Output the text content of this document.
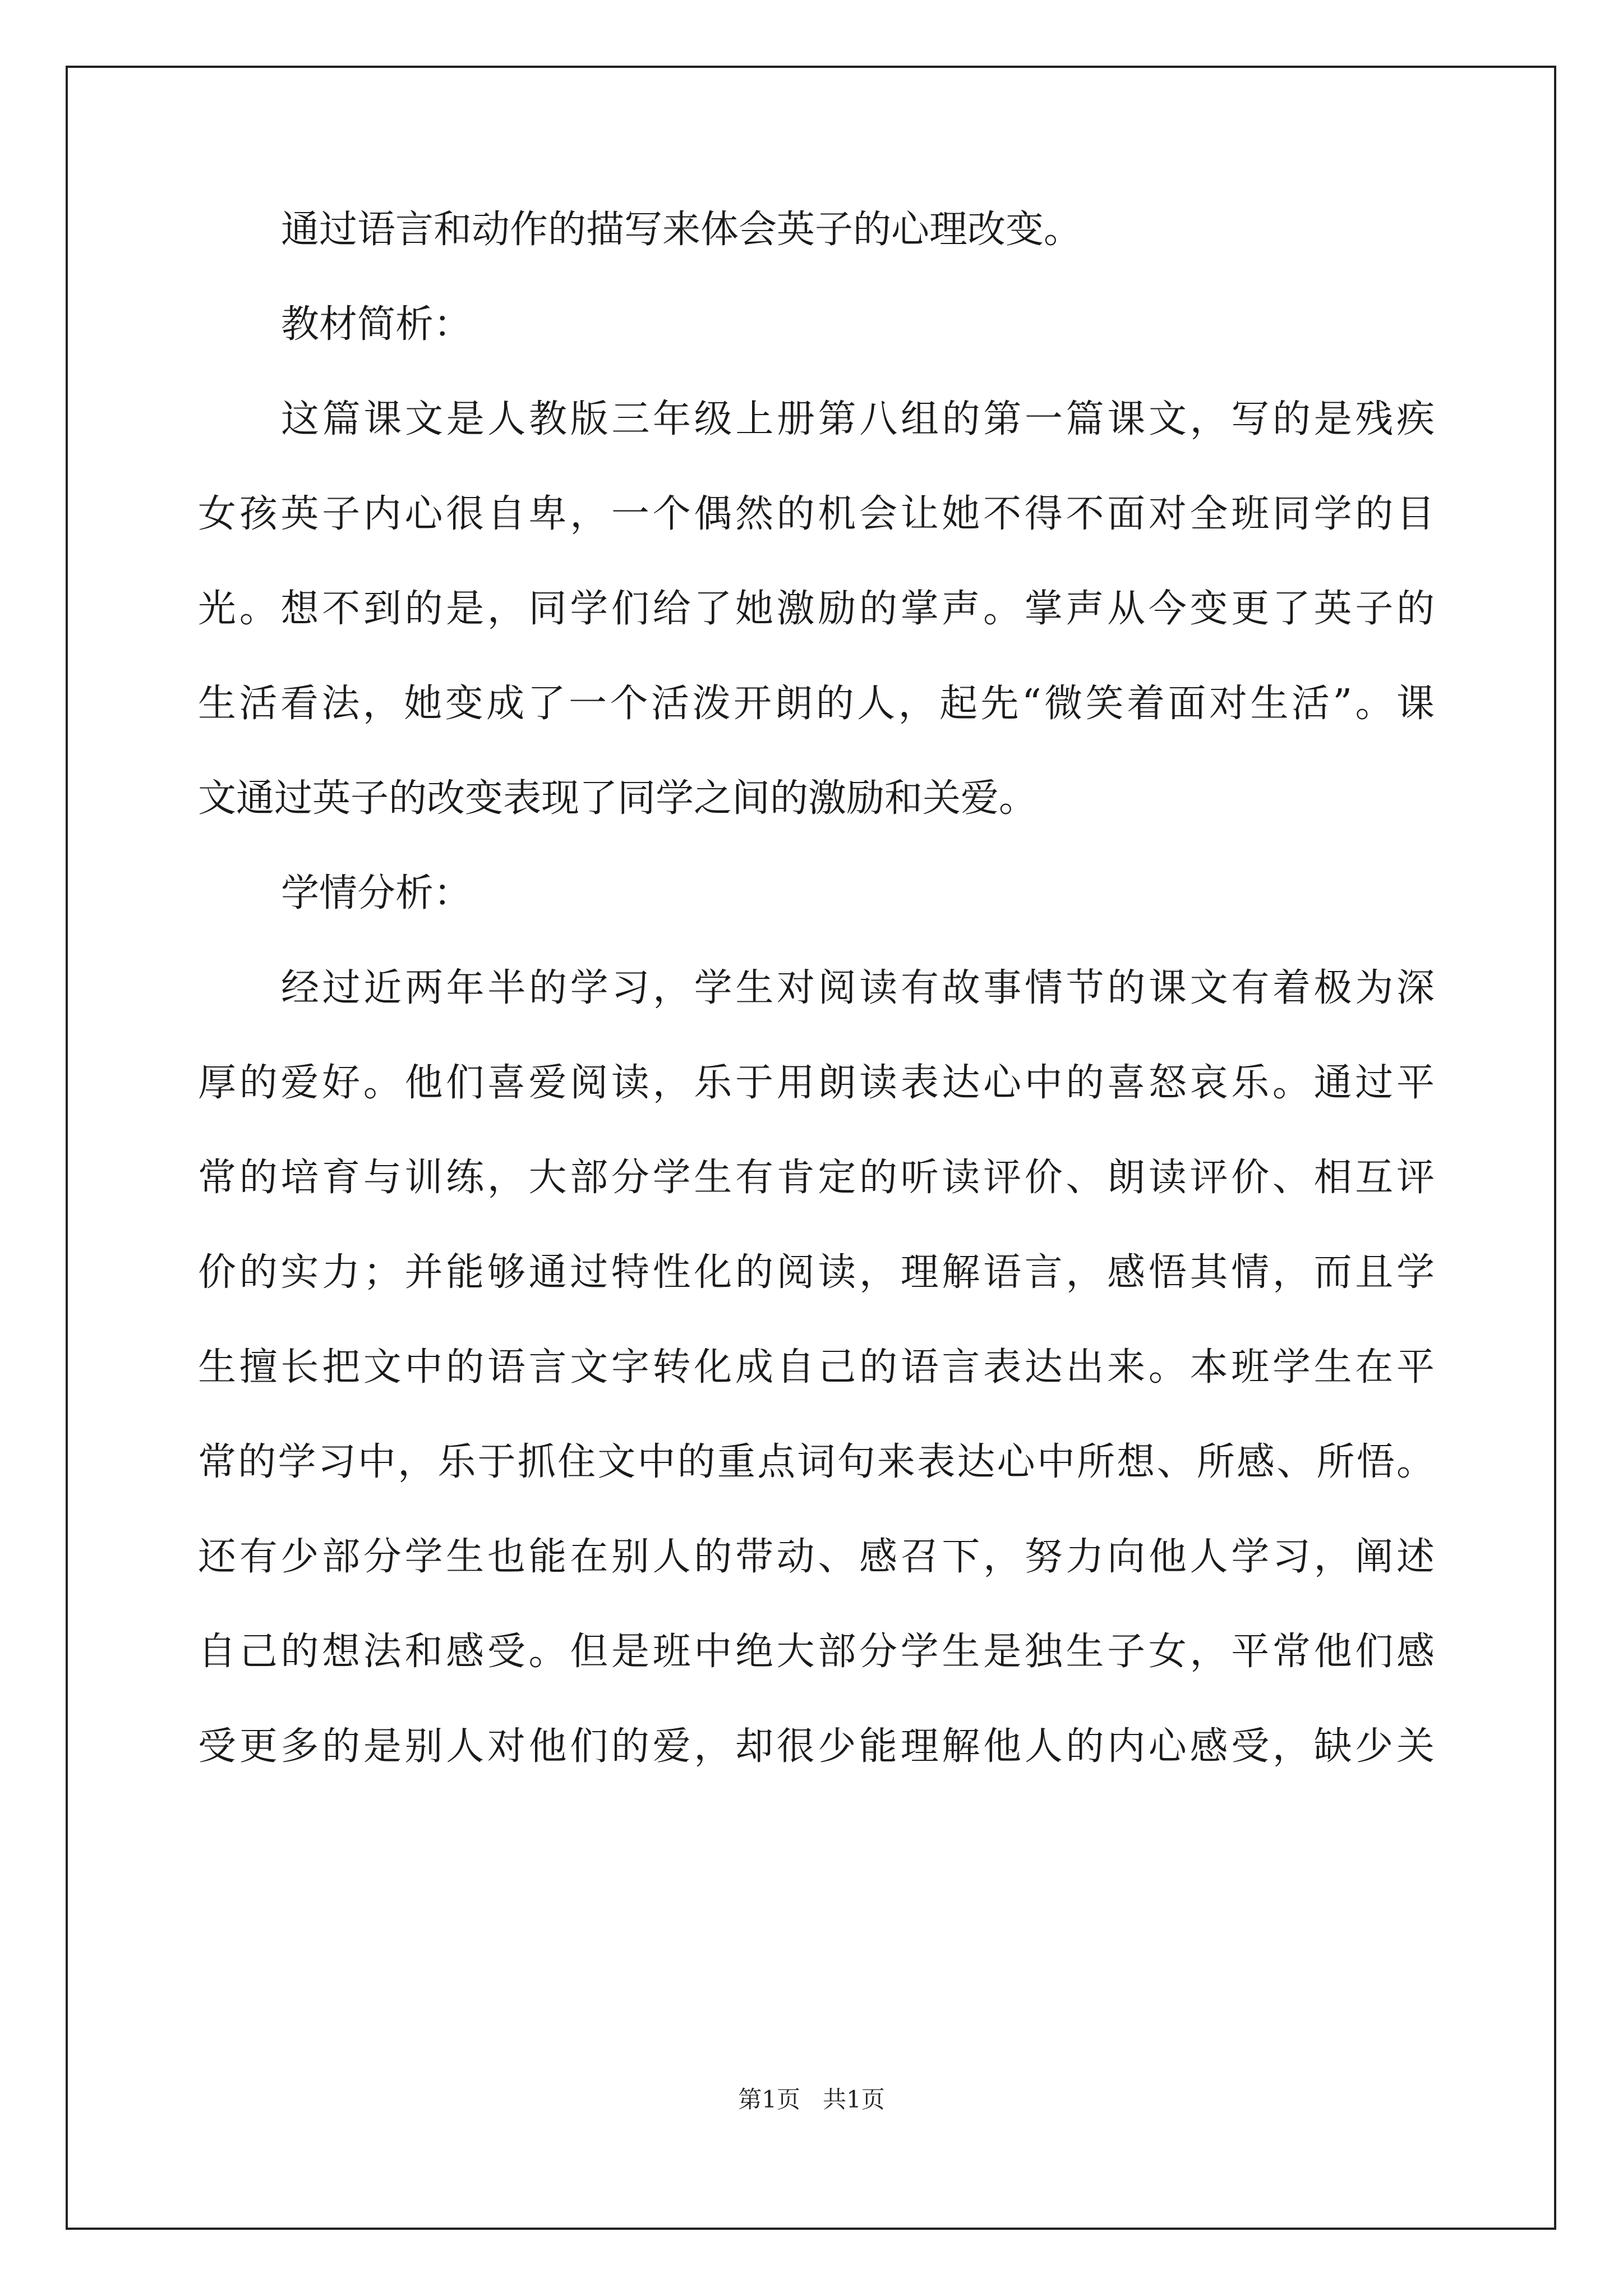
通过语言和动作的描写来体会英子的心理改变。
教材简析：
这篇课文是人教版三年级上册第八组的第一篇课文，写的是残疾
女孩英子内心很自卑，一个偶然的机会让她不得不面对全班同学的目
光。想不到的是，同学们给了她激励的掌声。掌声从今变更了英子的
生活看法，她变成了一个活泼开朗的人，起先“微笑着面对生活”。课
文通过英子的改变表现了同学之间的激励和关爱。
学情分析：
经过近两年半的学习，学生对阅读有故事情节的课文有着极为深
厚的爱好。他们喜爱阅读，乐于用朗读表达心中的喜怒哀乐。通过平
常的培育与训练，大部分学生有肯定的听读评价、朗读评价、相互评
价的实力；并能够通过特性化的阅读，理解语言，感悟其情，而且学
生擅长把文中的语言文字转化成自己的语言表达出来。本班学生在平
常的学习中，乐于抓住文中的重点词句来表达心中所想、所感、所悟。
还有少部分学生也能在别人的带动、感召下，努力向他人学习，阐述
自己的想法和感受。但是班中绝大部分学生是独生子女，平常他们感
受更多的是别人对他们的爱，却很少能理解他人的内心感受，缺少关
第1页   共1页
